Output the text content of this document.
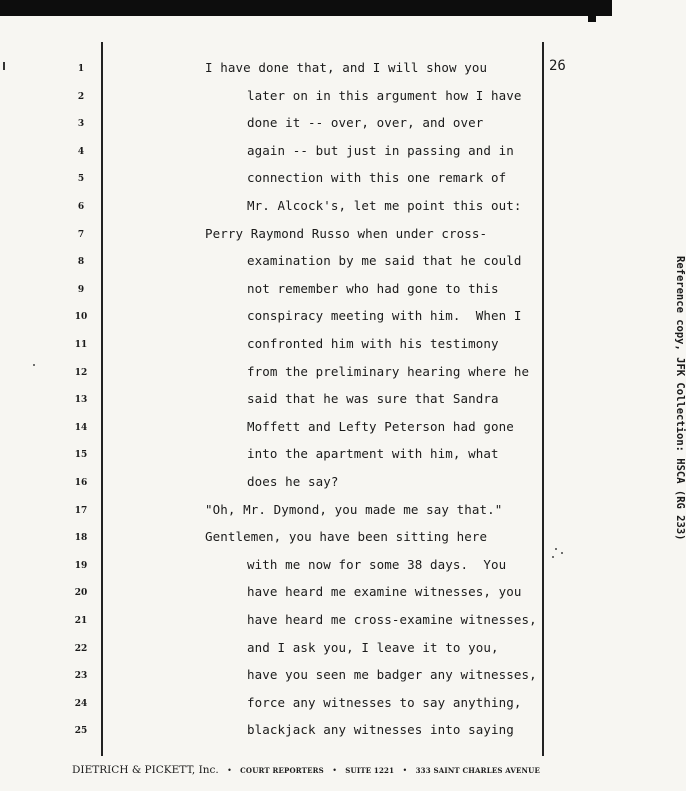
26
1	I have done that, and I will show you
2	later on in this argument how I have
3	done it -- over, over, and over
4	again -- but just in passing and in
5	connection with this one remark of
6	Mr. Alcock's, let me point this out:
7	Perry Raymond Russo when under cross-
8	examination by me said that he could
9	not remember who had gone to this
10	conspiracy meeting with him.  When I
11	confronted him with his testimony
12	from the preliminary hearing where he
13	said that he was sure that Sandra
14	Moffett and Lefty Peterson had gone
15	into the apartment with him, what
16	does he say?
17	"Oh, Mr. Dymond, you made me say that."
18	Gentlemen, you have been sitting here
19	with me now for some 38 days.  You
20	have heard me examine witnesses, you
21	have heard me cross-examine witnesses,
22	and I ask you, I leave it to you,
23	have you seen me badger any witnesses,
24	force any witnesses to say anything,
25	blackjack any witnesses into saying
Reference copy, JFK Collection: HSCA (RG 233)
DIETRICH & PICKETT, Inc. • COURT REPORTERS • SUITE 1221 • 333 SAINT CHARLES AVENUE
